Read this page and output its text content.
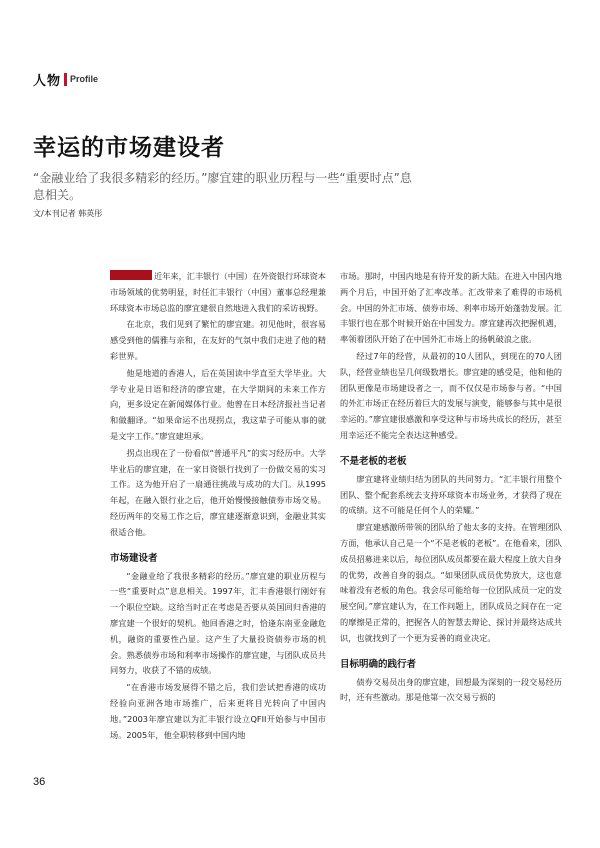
人物 Profile
幸运的市场建设者

“金融业给了我很多精彩的经历。”廖宜建的职业历程与一些“重要时点”息息相关。

文/本刊记者 韩英彤

近年来，汇丰银行（中国）在外资银行环球资本市场领域的优势明显，时任汇丰银行（中国）董事总经理兼环球资本市场总监的廖宜建很自然地进入我们的采访视野。

在北京，我们见到了繁忙的廖宜建。初见他时，很容易感受到他的儒雅与亲和，在友好的气氛中我们走进了他的精彩世界。

他是地道的香港人，后在英国读中学直至大学毕业。大学专业是日语和经济的廖宜建，在大学期间的未来工作方向，更多设定在新闻媒体行业。他曾在日本经济报社当记者和做翻译。“如果命运不出现拐点，我这辈子可能从事的就是文字工作。”廖宜建坦承。

拐点出现在了一份看似“普通平凡”的实习经历中。大学毕业后的廖宜建，在一家日资银行找到了一份做交易的实习工作。这为他开启了一扇通往挑战与成功的大门。从1995年起，在融入银行业之后，他开始慢慢接触债券市场交易。经历两年的交易工作之后，廖宜建逐渐意识到，金融业其实很适合他。

市场建设者

“金融业给了我很多精彩的经历。”廖宜建的职业历程与一些“重要时点”息息相关。1997年，汇丰香港银行刚好有一个职位空缺。这给当时正在考虑是否要从英国回归香港的廖宜建一个很好的契机。他回香港之时，恰逢东南亚金融危机，融资的重要性凸显。这产生了大量投资债券市场的机会。熟悉债券市场和利率市场操作的廖宜建，与团队成员共同努力，收获了不错的成绩。

“在香港市场发展得不错之后，我们尝试把香港的成功经验向亚洲各地市场推广，后来更将目光转向了中国内地。”2003年廖宜建以为汇丰银行设立QFII开始参与中国市场。2005年，他全职转移到中国内地

市场。那时，中国内地是有待开发的新大陆。在进入中国内地两个月后，中国开始了汇率改革。汇改带来了难得的市场机会。中国的外汇市场、债券市场、利率市场开始蓬勃发展。汇丰银行也在那个时候开始在中国发力。廖宜建再次把握机遇，率领着团队开始了在中国外汇市场上的扬帆破浪之旅。

经过7年的经营，从最初的10人团队，到现在的70人团队，经营业绩也呈几何级数增长。廖宜建的感受是，他和他的团队更像是市场建设者之一，而不仅仅是市场参与者。“中国的外汇市场正在经历着巨大的发展与演变，能够参与其中是很幸运的。”廖宜建很感激和享受这种与市场共成长的经历，甚至用幸运还不能完全表达这种感受。

不是老板的老板

廖宜建将业绩归结为团队的共同努力。“汇丰银行用整个团队、整个配套系统去支持环球资本市场业务，才获得了现在的成绩。这不可能是任何个人的荣耀。”

廖宜建感激所带领的团队给了他太多的支持。在管理团队方面，他承认自己是一个“不是老板的老板”。在他看来，团队成员招募进来以后，每位团队成员都要在最大程度上放大自身的优势，改善自身的弱点。“如果团队成员优势放大，这也意味着没有老板的角色。我会尽可能给每一位团队成员一定的发展空间。”廖宜建认为，在工作问题上，团队成员之间存在一定的摩擦是正常的，把握各人的智慧去辩论、探讨并最终达成共识，也就找到了一个更为妥善的商业决定。

目标明确的践行者

债券交易员出身的廖宜建，回想最为深刻的一段交易经历时，还有些激动。那是他第一次交易亏损的

36
